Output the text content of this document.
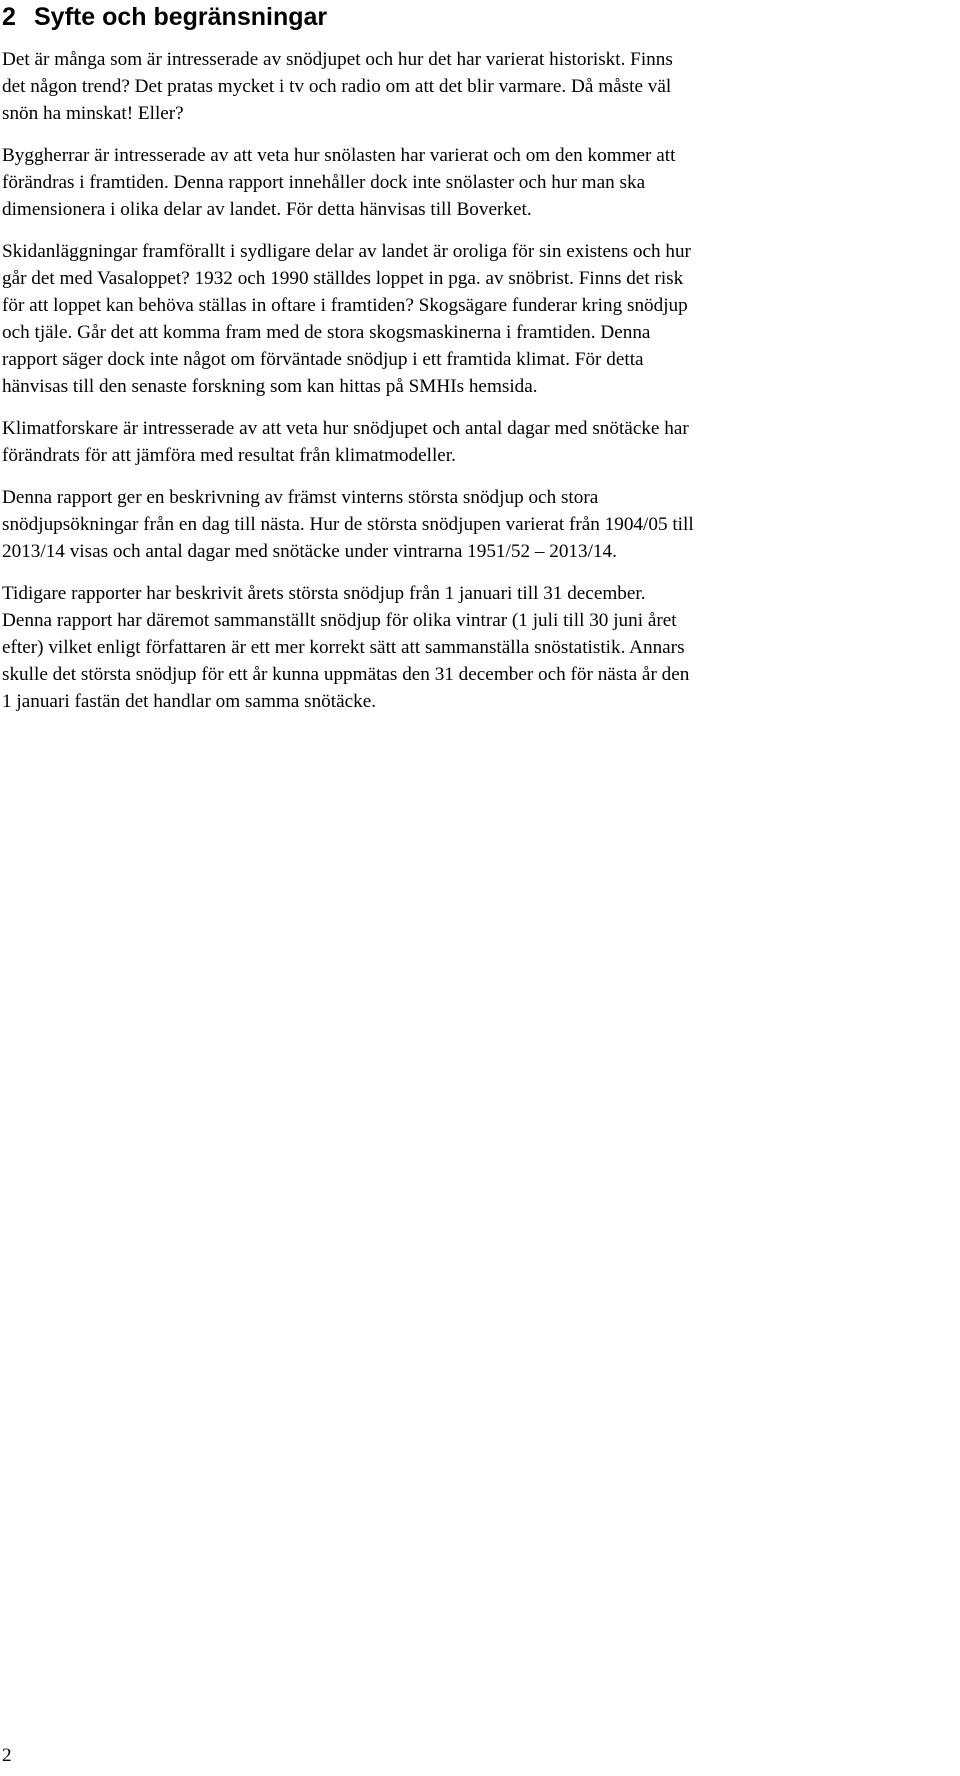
2 Syfte och begränsningar

Det är många som är intresserade av snödjupet och hur det har varierat historiskt. Finns
det någon trend? Det pratas mycket i tv och radio om att det blir varmare. Då måste väl
snön ha minskat! Eller?

Byggherrar är intresserade av att veta hur snölasten har varierat och om den kommer att
förändras i framtiden. Denna rapport innehåller dock inte snölaster och hur man ska
dimensionera i olika delar av landet. För detta hänvisas till Boverket.

Skidanläggningar framförallt i sydligare delar av landet är oroliga för sin existens och hur
går det med Vasaloppet? 1932 och 1990 ställdes loppet in pga. av snöbrist. Finns det risk
för att loppet kan behöva ställas in oftare i framtiden? Skogsägare funderar kring snödjup
och tjäle. Går det att komma fram med de stora skogsmaskinerna i framtiden. Denna
rapport säger dock inte något om förväntade snödjup i ett framtida klimat. För detta
hänvisas till den senaste forskning som kan hittas på SMHIs hemsida.

Klimatforskare är intresserade av att veta hur snödjupet och antal dagar med snötäcke har
förändrats för att jämföra med resultat från klimatmodeller.

Denna rapport ger en beskrivning av främst vinterns största snödjup och stora
snödjupsökningar från en dag till nästa. Hur de största snödjupen varierat från 1904/05 till
2013/14 visas och antal dagar med snötäcke under vintrarna 1951/52 – 2013/14.

Tidigare rapporter har beskrivit årets största snödjup från 1 januari till 31 december.
Denna rapport har däremot sammanställt snödjup för olika vintrar (1 juli till 30 juni året
efter) vilket enligt författaren är ett mer korrekt sätt att sammanställa snöstatistik. Annars
skulle det största snödjup för ett år kunna uppmätas den 31 december och för nästa år den
1 januari fastän det handlar om samma snötäcke.

2
